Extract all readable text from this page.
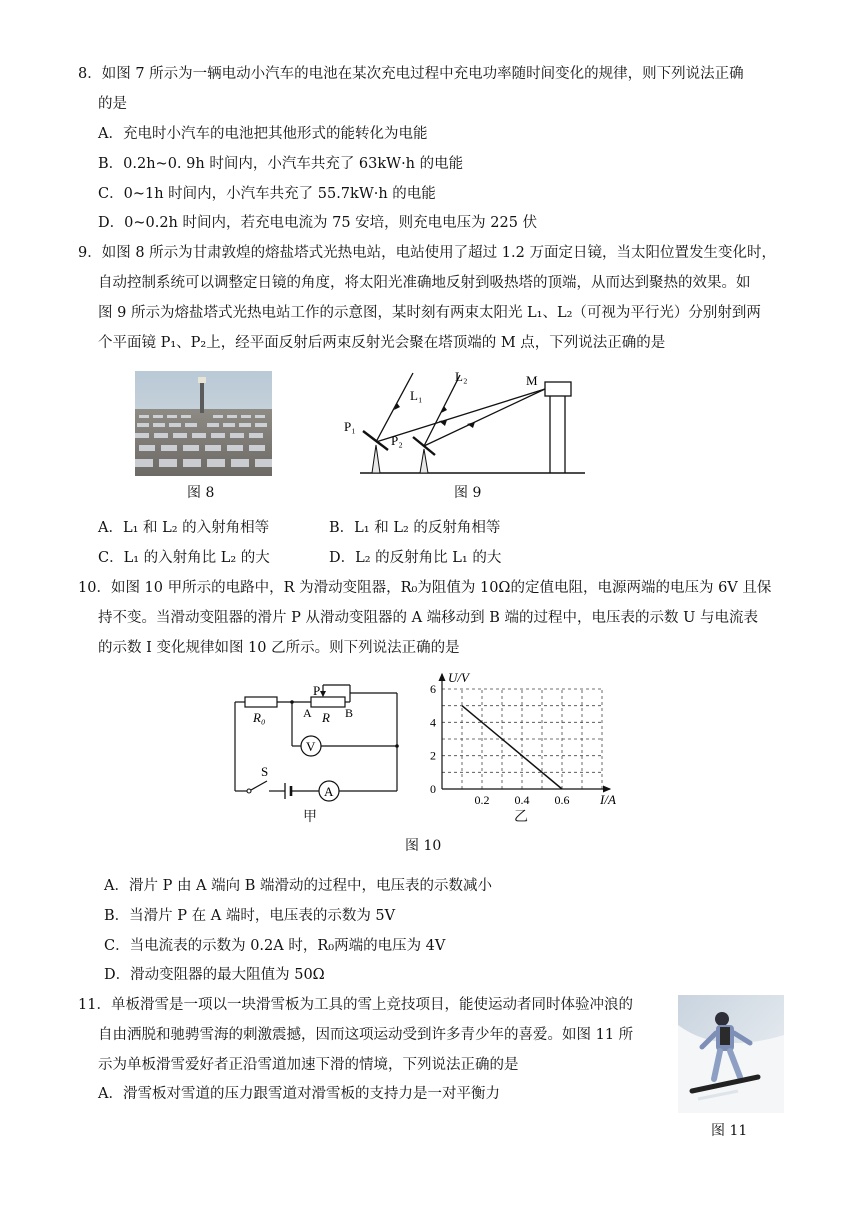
8．如图 7 所示为一辆电动小汽车的电池在某次充电过程中充电功率随时间变化的规律，则下列说法正确
的是
A．充电时小汽车的电池把其他形式的能转化为电能
B．0.2h~0. 9h 时间内，小汽车共充了 63kW·h 的电能
C．0~1h 时间内，小汽车共充了 55.7kW·h 的电能
D．0~0.2h 时间内，若充电电流为 75 安培，则充电电压为 225 伏
9．如图 8 所示为甘肃敦煌的熔盐塔式光热电站，电站使用了超过 1.2 万面定日镜，当太阳位置发生变化时，
自动控制系统可以调整定日镜的角度，将太阳光准确地反射到吸热塔的顶端，从而达到聚热的效果。如
图 9 所示为熔盐塔式光热电站工作的示意图，某时刻有两束太阳光 L₁、L₂（可视为平行光）分别射到两
个平面镜 P₁、P₂上，经平面反射后两束反射光会聚在塔顶端的 M 点，下列说法正确的是
图 8
L₁
L₂	M
P₁
P₂
图 9
A．L₁ 和 L₂ 的入射角相等	B．L₁ 和 L₂ 的反射角相等
C．L₁ 的入射角比 L₂ 的大	D．L₂ 的反射角比 L₁ 的大
10．如图 10 甲所示的电路中，R 为滑动变阻器，R₀为阻值为 10Ω的定值电阻，电源两端的电压为 6V 且保
持不变。当滑动变阻器的滑片 P 从滑动变阻器的 A 端移动到 B 端的过程中，电压表的示数 U 与电流表
的示数 I 变化规律如图 10 乙所示。则下列说法正确的是
R₀
P
A R B
V
S
A
甲
0.2 0.4 0.6
0
2
4
6
U/V
I/A
乙
图 10
A．滑片 P 由 A 端向 B 端滑动的过程中，电压表的示数减小
B．当滑片 P 在 A 端时，电压表的示数为 5V
C．当电流表的示数为 0.2A 时，R₀两端的电压为 4V
D．滑动变阻器的最大阻值为 50Ω
11．单板滑雪是一项以一块滑雪板为工具的雪上竞技项目，能使运动者同时体验冲浪的
自由洒脱和驰骋雪海的刺激震撼，因而这项运动受到许多青少年的喜爱。如图 11 所
示为单板滑雪爱好者正沿雪道加速下滑的情境，下列说法正确的是
A．滑雪板对雪道的压力跟雪道对滑雪板的支持力是一对平衡力
图 11
